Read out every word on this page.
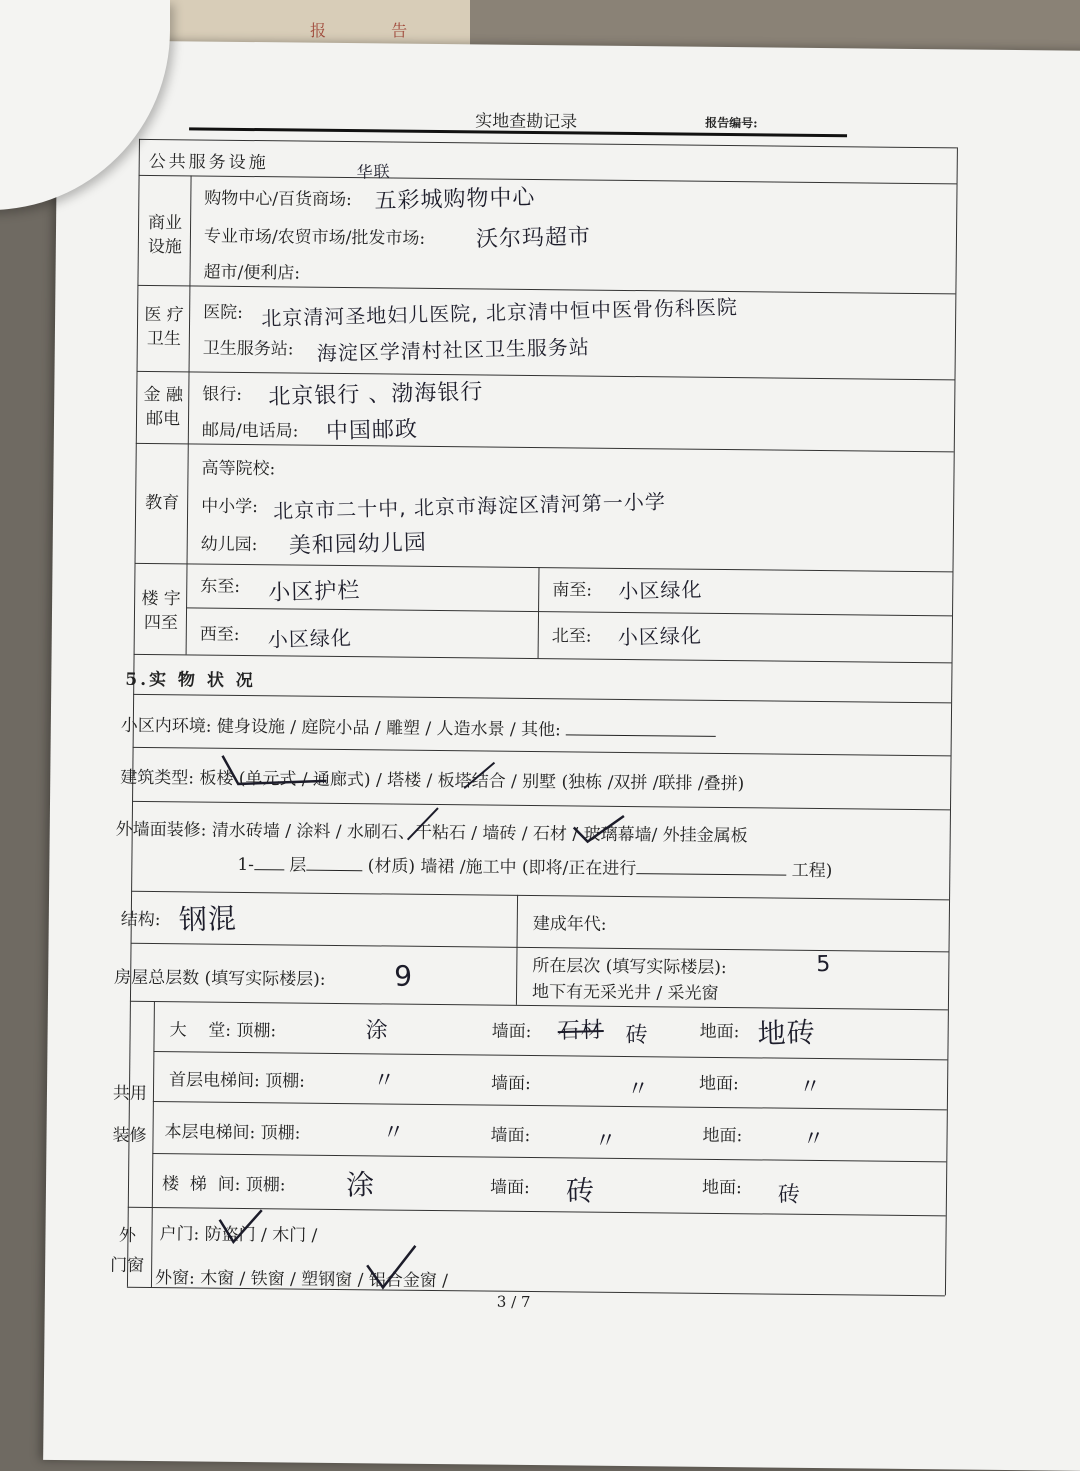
报 告
实地查勘记录	报告编号:
公共服务设施
商业
设施
购物中心/百货商场:
华联
五彩城购物中心
专业市场/农贸市场/批发市场: 沃尔玛超市
超市/便利店:
医 疗
卫生
医院: 北京清河圣地妇儿医院, 北京清中恒中医骨伤科医院
卫生服务站: 海淀区学清村社区卫生服务站
金 融
邮电
银行: 北京银行 、渤海银行
邮局/电话局: 中国邮政
教育
高等院校:
中小学: 北京市二十中, 北京市海淀区清河第一小学
幼儿园: 美和园幼儿园
楼 宇
四至
东至: 小区护栏	南至: 小区绿化
西至: 小区绿化	北至: 小区绿化
5.实 物 状 况
小区内环境: 健身设施 / 庭院小品 / 雕塑 / 人造水景 / 其他:
建筑类型: 板楼 (单元式 / 通廊式) / 塔楼 / 板塔结合 / 别墅 (独栋 /双拼 /联排 /叠拼)
外墙面装修: 清水砖墙 / 涂料 / 水刷石、干粘石 / 墙砖 / 石材 / 玻璃幕墙/ 外挂金属板
1- 层	(材质) 墙裙 /施工中 (即将/正在进行	工程)
结构: 钢混	建成年代:
房屋总层数 (填写实际楼层): 9	所在层次 (填写实际楼层):	5
地下有无采光井 / 采光窗
共用
装修
大    堂: 顶棚:	涂	墙面: 石材 砖	地面: 地砖
首层电梯间: 顶棚:	〃	墙面:	〃	地面:	〃
本层电梯间: 顶棚:	〃	墙面:	〃	地面:	〃
楼  梯  间: 顶棚: 涂	墙面: 砖	地面: 砖
外
门窗
户门: 防盗门 / 木门 /
外窗: 木窗 / 铁窗 / 塑钢窗 / 铝合金窗 /
3 / 7
